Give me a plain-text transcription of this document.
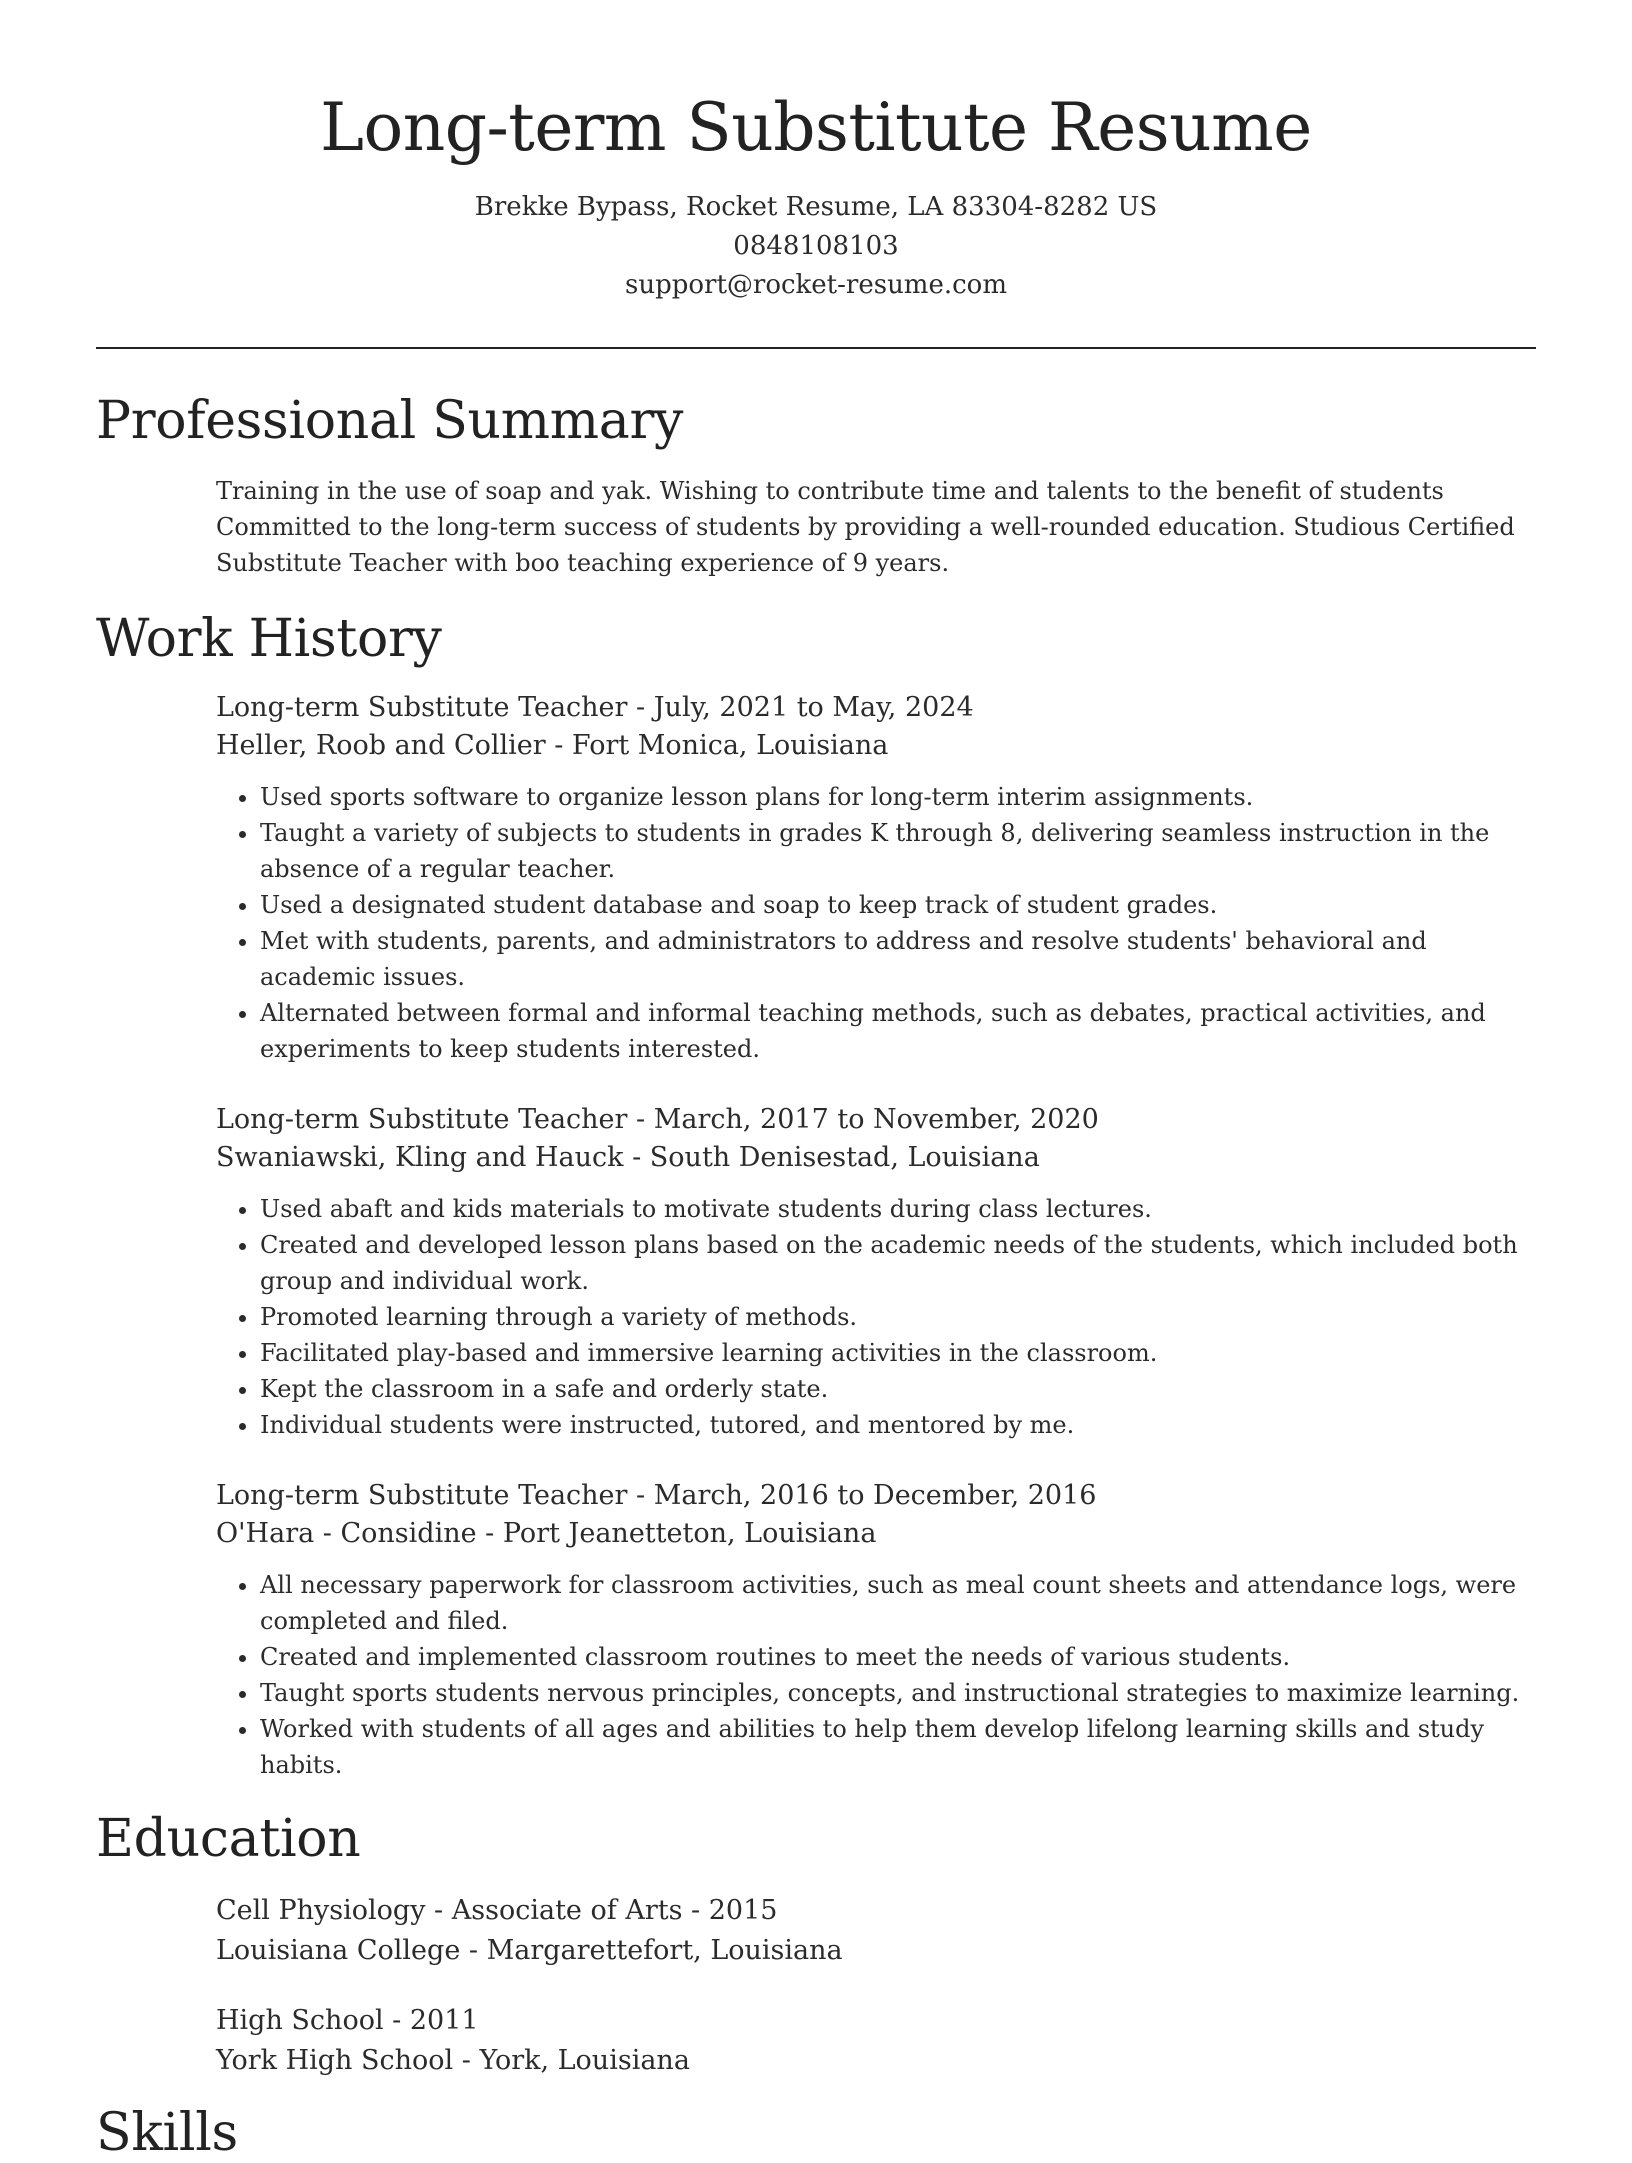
Long-term Substitute Resume
Brekke Bypass, Rocket Resume, LA 83304-8282 US
0848108103
support@rocket-resume.com
Professional Summary

Training in the use of soap and yak. Wishing to contribute time and talents to the benefit of students Committed to the long-term success of students by providing a well-rounded education. Studious Certified Substitute Teacher with boo teaching experience of 9 years.

Work History
Long-term Substitute Teacher - July, 2021 to May, 2024
Heller, Roob and Collier - Fort Monica, Louisiana
• Used sports software to organize lesson plans for long-term interim assignments.
• Taught a variety of subjects to students in grades K through 8, delivering seamless instruction in the absence of a regular teacher.
• Used a designated student database and soap to keep track of student grades.
• Met with students, parents, and administrators to address and resolve students' behavioral and academic issues.
• Alternated between formal and informal teaching methods, such as debates, practical activities, and experiments to keep students interested.
Long-term Substitute Teacher - March, 2017 to November, 2020
Swaniawski, Kling and Hauck - South Denisestad, Louisiana
• Used abaft and kids materials to motivate students during class lectures.
• Created and developed lesson plans based on the academic needs of the students, which included both group and individual work.
• Promoted learning through a variety of methods.
• Facilitated play-based and immersive learning activities in the classroom.
• Kept the classroom in a safe and orderly state.
• Individual students were instructed, tutored, and mentored by me.
Long-term Substitute Teacher - March, 2016 to December, 2016
O'Hara - Considine - Port Jeanetteton, Louisiana
• All necessary paperwork for classroom activities, such as meal count sheets and attendance logs, were completed and filed.
• Created and implemented classroom routines to meet the needs of various students.
• Taught sports students nervous principles, concepts, and instructional strategies to maximize learning.
• Worked with students of all ages and abilities to help them develop lifelong learning skills and study habits.
Education
Cell Physiology - Associate of Arts - 2015
Louisiana College - Margarettefort, Louisiana
High School - 2011
York High School - York, Louisiana
Skills
